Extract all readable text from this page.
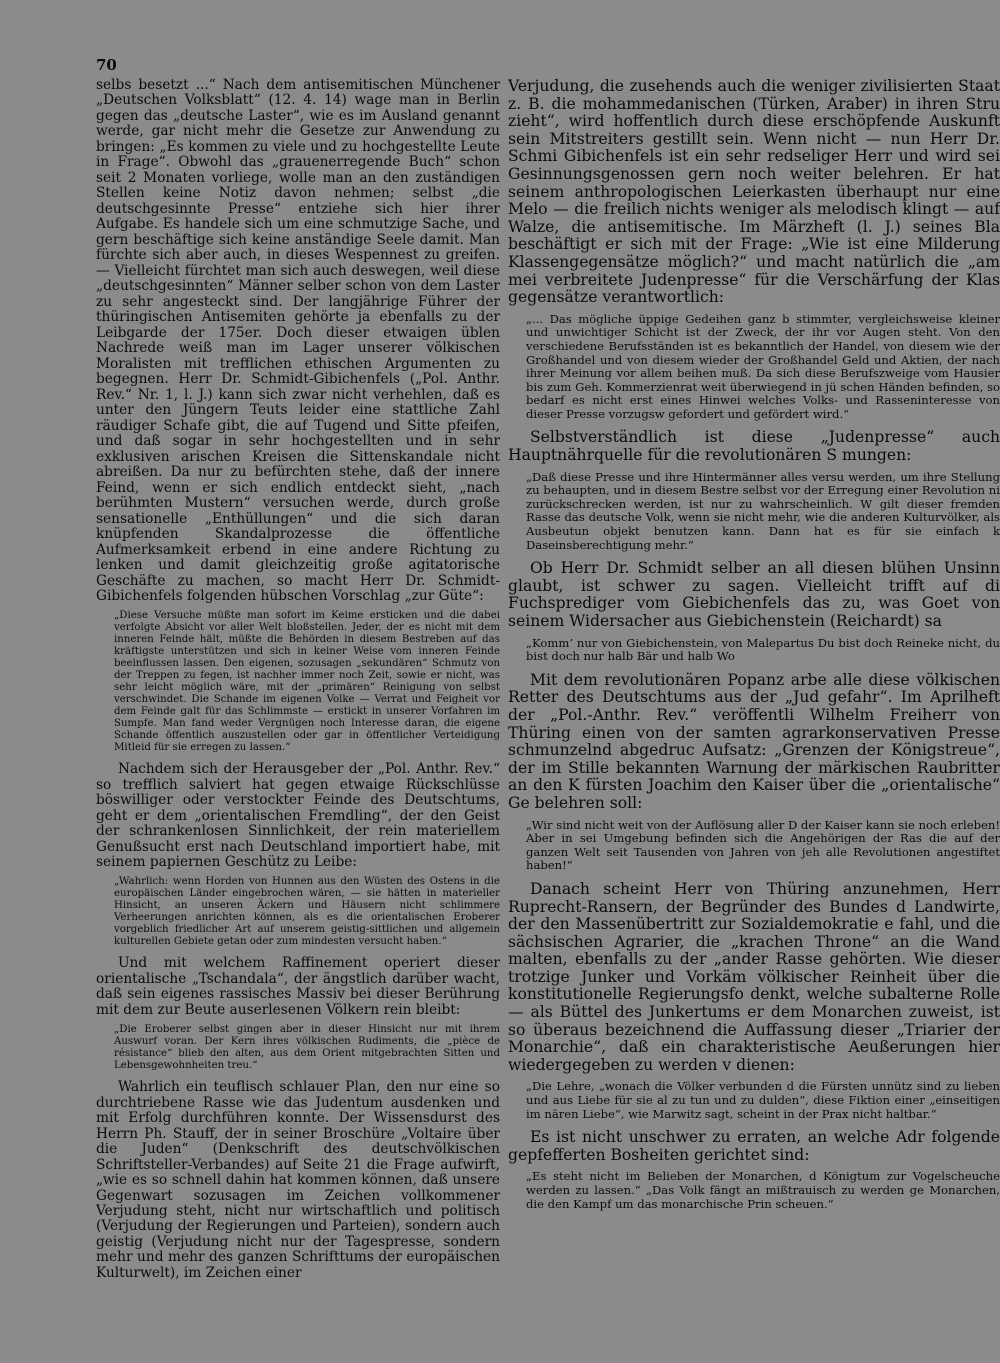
70

selbs besetzt ...“ Nach dem antisemitischen Münchener „Deutschen Volksblatt“ (12. 4. 14) wage man in Berlin gegen das „deutsche Laster“, wie es im Ausland genannt werde, gar nicht mehr die Gesetze zur Anwendung zu bringen: „Es kommen zu viele und zu hochgestellte Leute in Frage“. Obwohl das „grauenerregende Buch“ schon seit 2 Monaten vorliege, wolle man an den zuständigen Stellen keine Notiz davon nehmen; selbst „die deutschgesinnte Presse“ entziehe sich hier ihrer Aufgabe. Es handele sich um eine schmutzige Sache, und gern beschäftige sich keine anständige Seele damit. Man fürchte sich aber auch, in dieses Wespennest zu greifen. — Vielleicht fürchtet man sich auch deswegen, weil diese „deutschgesinnten“ Männer selber schon von dem Laster zu sehr angesteckt sind. Der langjährige Führer der thüringischen Antisemiten gehörte ja ebenfalls zu der Leibgarde der 175er. Doch dieser etwaigen üblen Nachrede weiß man im Lager unserer völkischen Moralisten mit trefflichen ethischen Argumenten zu begegnen. Herr Dr. Schmidt-Gibichenfels („Pol. Anthr. Rev.“ Nr. 1, l. J.) kann sich zwar nicht verhehlen, daß es unter den Jüngern Teuts leider eine stattliche Zahl räudiger Schafe gibt, die auf Tugend und Sitte pfeifen, und daß sogar in sehr hochgestellten und in sehr exklusiven arischen Kreisen die Sittenskandale nicht abreißen. Da nur zu befürchten stehe, daß der innere Feind, wenn er sich endlich entdeckt sieht, „nach berühmten Mustern“ versuchen werde, durch große sensationelle „Enthüllungen“ und die sich daran knüpfenden Skandalprozesse die öffentliche Aufmerksamkeit erbend in eine andere Richtung zu lenken und damit gleichzeitig große agitatorische Geschäfte zu machen, so macht Herr Dr. Schmidt-Gibichenfels folgenden hübschen Vorschlag „zur Güte“:

„Diese Versuche müßte man sofort im Keime ersticken und die dabei verfolgte Absicht vor aller Welt bloßstellen. Jeder, der es nicht mit dem inneren Feinde hält, müßte die Behörden in diesem Bestreben auf das kräftigste unterstützen und sich in keiner Weise vom inneren Feinde beeinflussen lassen. Den eigenen, sozusagen „sekundären“ Schmutz von der Treppen zu fegen, ist nachher immer noch Zeit, sowie er nicht, was sehr leicht möglich wäre, mit der „primären“ Reinigung von selbst verschwindet. Die Schande im eigenen Volke — Verrat und Feigheit vor dem Feinde galt für das Schlimmste — erstickt in unserer Vorfahren im Sumpfe. Man fand weder Vergnügen noch Interesse daran, die eigene Schande öffentlich auszustellen oder gar in öffentlicher Verteidigung Mitleid für sie erregen zu lassen.“

Nachdem sich der Herausgeber der „Pol. Anthr. Rev.“ so trefflich salviert hat gegen etwaige Rückschlüsse böswilliger oder verstockter Feinde des Deutschtums, geht er dem „orientalischen Fremdling“, der den Geist der schrankenlosen Sinnlichkeit, der rein materiellem Genußsucht erst nach Deutschland importiert habe, mit seinem papiernen Geschütz zu Leibe:

„Wahrlich: wenn Horden von Hunnen aus den Wüsten des Ostens in die europäischen Länder eingebrochen wären, — sie hätten in materieller Hinsicht, an unseren Äckern und Häusern nicht schlimmere Verheerungen anrichten können, als es die orientalischen Eroberer vorgeblich friedlicher Art auf unserem geistig-sittlichen und allgemein kulturellen Gebiete getan oder zum mindesten versucht haben.“

Und mit welchem Raffinement operiert dieser orientalische „Tschandala“, der ängstlich darüber wacht, daß sein eigenes rassisches Massiv bei dieser Berührung mit dem zur Beute auserlesenen Völkern rein bleibt:

„Die Eroberer selbst gingen aber in dieser Hinsicht nur mit ihrem Auswurf voran. Der Kern ihres völkischen Rudiments, die „pièce de résistance“ blieb den alten, aus dem Orient mitgebrachten Sitten und Lebensgewohnheiten treu.“

Wahrlich ein teuflisch schlauer Plan, den nur eine so durchtriebene Rasse wie das Judentum ausdenken und mit Erfolg durchführen konnte. Der Wissensdurst des Herrn Ph. Stauff, der in seiner Broschüre „Voltaire über die Juden“ (Denkschrift des deutschvölkischen Schriftsteller-Verbandes) auf Seite 21 die Frage aufwirft, „wie es so schnell dahin hat kommen können, daß unsere Gegenwart sozusagen im Zeichen vollkommener Verjudung steht, nicht nur wirtschaftlich und politisch (Verjudung der Regierungen und Parteien), sondern auch geistig (Verjudung nicht nur der Tagespresse, sondern mehr und mehr des ganzen Schrifttums der europäischen Kulturwelt), im Zeichen einer

Verjudung, die zusehends auch die weniger zivilisierten Staat z. B. die mohammedanischen (Türken, Araber) in ihren Stru zieht“, wird hoffentlich durch diese erschöpfende Auskunft sein Mitstreiters gestillt sein. Wenn nicht — nun Herr Dr. Schmi Gibichenfels ist ein sehr redseliger Herr und wird sei Gesinnungsgenossen gern noch weiter belehren. Er hat seinem anthropologischen Leierkasten überhaupt nur eine Melo — die freilich nichts weniger als melodisch klingt — auf Walze, die antisemitische. Im Märzheft (l. J.) seines Bla beschäftigt er sich mit der Frage: „Wie ist eine Milderung Klassengegensätze möglich?“ und macht natürlich die „am mei verbreitete Judenpresse“ für die Verschärfung der Klas gegensätze verantwortlich:

„... Das mögliche üppige Gedeihen ganz b stimmter, vergleichsweise kleiner und unwichtiger Schicht ist der Zweck, der ihr vor Augen steht. Von den verschiedene Berufsständen ist es bekanntlich der Handel, von diesem wie der Großhandel und von diesem wieder der Großhandel Geld und Aktien, der nach ihrer Meinung vor allem beihen muß. Da sich diese Berufszweige vom Hausier bis zum Geh. Kommerzienrat weit überwiegend in jü schen Händen befinden, so bedarf es nicht erst eines Hinwei welches Volks- und Rasseninteresse von dieser Presse vorzugsw gefordert und gefördert wird.“

Selbstverständlich ist diese „Judenpresse“ auch Hauptnährquelle für die revolutionären S mungen:

„Daß diese Presse und ihre Hintermänner alles versu werden, um ihre Stellung zu behaupten, und in diesem Bestre selbst vor der Erregung einer Revolution ni zurückschrecken werden, ist nur zu wahrscheinlich. W gilt dieser fremden Rasse das deutsche Volk, wenn sie nicht mehr, wie die anderen Kulturvölker, als Ausbeutun objekt benutzen kann. Dann hat es für sie einfach k Daseinsberechtigung mehr.“

Ob Herr Dr. Schmidt selber an all diesen blühen Unsinn glaubt, ist schwer zu sagen. Vielleicht trifft auf di Fuchsprediger vom Giebichenfels das zu, was Goet von seinem Widersacher aus Giebichenstein (Reichardt) sa

„Komm’ nur von Giebichenstein, von Malepartus Du bist doch Reineke nicht, du bist doch nur halb Bär und halb Wo

Mit dem revolutionären Popanz arbe alle diese völkischen Retter des Deutschtums aus der „Jud gefahr“. Im Aprilheft der „Pol.-Anthr. Rev.“ veröffentli Wilhelm Freiherr von Thüring einen von der samten agrarkonservativen Presse schmunzelnd abgedruc Aufsatz: „Grenzen der Königstreue“, der im Stille bekannten Warnung der märkischen Raubritter an den K fürsten Joachim den Kaiser über die „orientalische“ Ge belehren soll:

„Wir sind nicht weit von der Auflösung aller D der Kaiser kann sie noch erleben! Aber in sei Umgebung befinden sich die Angehörigen der Ras die auf der ganzen Welt seit Tausenden von Jahren von jeh alle Revolutionen angestiftet haben!“

Danach scheint Herr von Thüring anzunehmen, Herr Ruprecht-Ransern, der Begründer des Bundes d Landwirte, der den Massenübertritt zur Sozialdemokratie e fahl, und die sächsischen Agrarier, die „krachen Throne“ an die Wand malten, ebenfalls zu der „ander Rasse gehörten. Wie dieser trotzige Junker und Vorkäm völkischer Reinheit über die konstitutionelle Regierungsfo denkt, welche subalterne Rolle — als Büttel des Junkertums er dem Monarchen zuweist, ist so überaus bezeichnend die Auffassung dieser „Triarier der Monarchie“, daß ein charakteristische Aeußerungen hier wiedergegeben zu werden v dienen:

„Die Lehre, „wonach die Völker verbunden d die Fürsten unnütz sind zu lieben und aus Liebe für sie al zu tun und zu dulden“, diese Fiktion einer „einseitigen im nären Liebe“, wie Marwitz sagt, scheint in der Prax nicht haltbar.“

Es ist nicht unschwer zu erraten, an welche Adr folgende gepfefferten Bosheiten gerichtet sind:

„Es steht nicht im Belieben der Monarchen, d Königtum zur Vogelscheuche werden zu lassen.“ „Das Volk fängt an mißtrauisch zu werden ge Monarchen, die den Kampf um das monarchische Prin scheuen.“
